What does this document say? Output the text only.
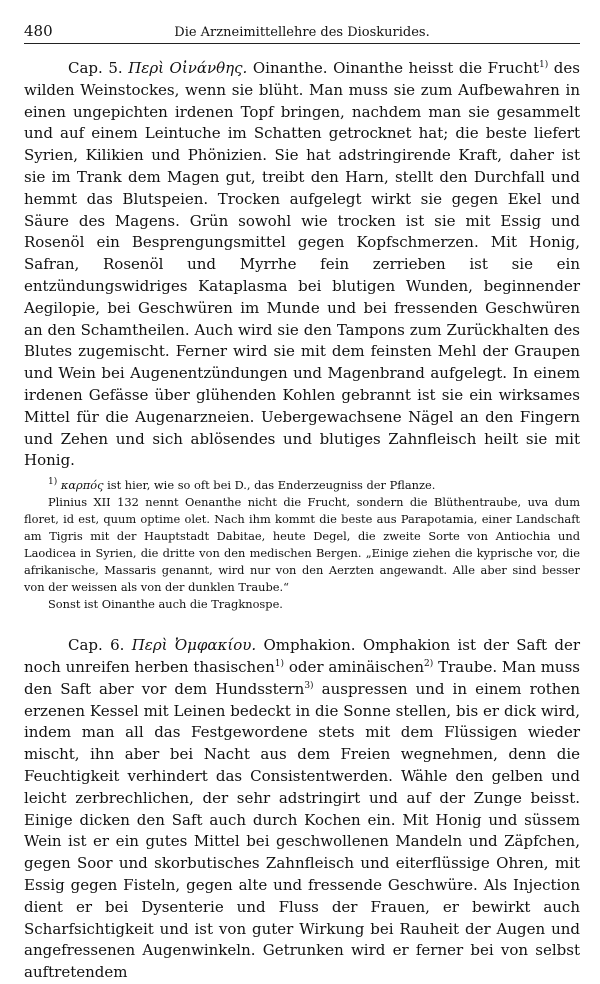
480	Die Arzneimittellehre des Dioskurides.

Cap. 5. Περὶ Οἰνάνθης. Oinanthe. Oinanthe heisst die Frucht$^{1)}$ des wilden Weinstockes, wenn sie blüht. Man muss sie zum Aufbewahren in einen ungepichten irdenen Topf bringen, nachdem man sie gesammelt und auf einem Leintuche im Schatten getrocknet hat; die beste liefert Syrien, Kilikien und Phönizien. Sie hat adstringirende Kraft, daher ist sie im Trank dem Magen gut, treibt den Harn, stellt den Durchfall und hemmt das Blutspeien. Trocken aufgelegt wirkt sie gegen Ekel und Säure des Magens. Grün sowohl wie trocken ist sie mit Essig und Rosenöl ein Besprengungsmittel gegen Kopfschmerzen. Mit Honig, Safran, Rosenöl und Myrrhe fein zerrieben ist sie ein entzündungswidriges Kataplasma bei blutigen Wunden, beginnender Aegilopie, bei Geschwüren im Munde und bei fressenden Geschwüren an den Schamtheilen. Auch wird sie den Tampons zum Zurückhalten des Blutes zugemischt. Ferner wird sie mit dem feinsten Mehl der Graupen und Wein bei Augenentzündungen und Magenbrand aufgelegt. In einem irdenen Gefässe über glühenden Kohlen gebrannt ist sie ein wirksames Mittel für die Augenarzneien. Uebergewachsene Nägel an den Fingern und Zehen und sich ablösendes und blutiges Zahnfleisch heilt sie mit Honig.

$^{1)}$ καρπός ist hier, wie so oft bei D., das Enderzeugniss der Pflanze.

Plinius XII 132 nennt Oenanthe nicht die Frucht, sondern die Blüthentraube, uva dum floret, id est, quum optime olet. Nach ihm kommt die beste aus Parapotamia, einer Landschaft am Tigris mit der Hauptstadt Dabitae, heute Degel, die zweite Sorte von Antiochia und Laodicea in Syrien, die dritte von den medischen Bergen. „Einige ziehen die kyprische vor, die afrikanische, Massaris genannt, wird nur von den Aerzten angewandt. Alle aber sind besser von der weissen als von der dunklen Traube.“

Sonst ist Oinanthe auch die Tragknospe.

Cap. 6. Περὶ Ὀμφακίου. Omphakion. Omphakion ist der Saft der noch unreifen herben thasischen$^{1)}$ oder aminäischen$^{2)}$ Traube. Man muss den Saft aber vor dem Hundsstern$^{3)}$ auspressen und in einem rothen erzenen Kessel mit Leinen bedeckt in die Sonne stellen, bis er dick wird, indem man all das Festgewordene stets mit dem Flüssigen wieder mischt, ihn aber bei Nacht aus dem Freien wegnehmen, denn die Feuchtigkeit verhindert das Consistentwerden. Wähle den gelben und leicht zerbrechlichen, der sehr adstringirt und auf der Zunge beisst. Einige dicken den Saft auch durch Kochen ein. Mit Honig und süssem Wein ist er ein gutes Mittel bei geschwollenen Mandeln und Zäpfchen, gegen Soor und skorbutisches Zahnfleisch und eiterflüssige Ohren, mit Essig gegen Fisteln, gegen alte und fressende Geschwüre. Als Injection dient er bei Dysenterie und Fluss der Frauen, er bewirkt auch Scharfsichtigkeit und ist von guter Wirkung bei Rauheit der Augen und angefressenen Augenwinkeln. Getrunken wird er ferner bei von selbst auftretendem
